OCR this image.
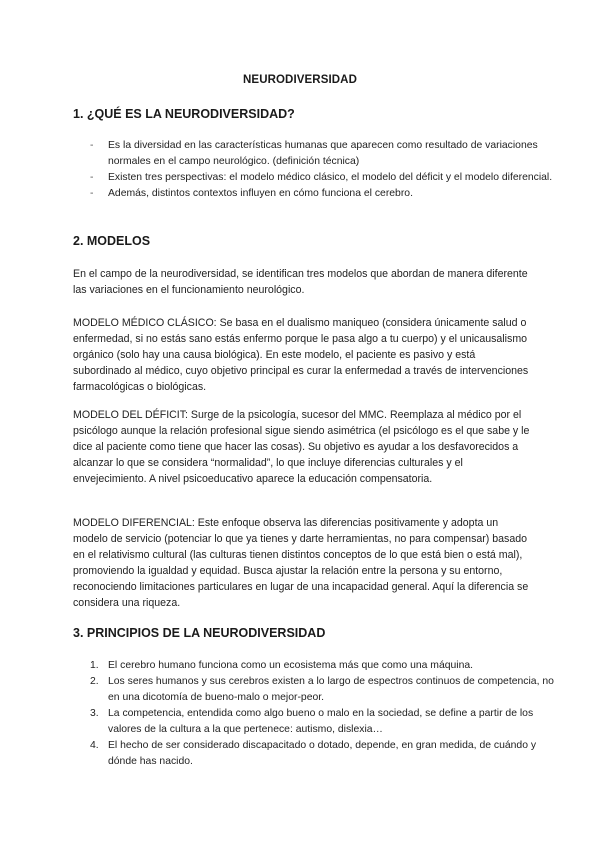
NEURODIVERSIDAD
1. ¿QUÉ ES LA NEURODIVERSIDAD?
- Es la diversidad en las características humanas que aparecen como resultado de variaciones normales en el campo neurológico. (definición técnica)
- Existen tres perspectivas: el modelo médico clásico, el modelo del déficit y el modelo diferencial.
- Además, distintos contextos influyen en cómo funciona el cerebro.
2. MODELOS
En el campo de la neurodiversidad, se identifican tres modelos que abordan de manera diferente las variaciones en el funcionamiento neurológico.
MODELO MÉDICO CLÁSICO: Se basa en el dualismo maniqueo (considera únicamente salud o enfermedad, si no estás sano estás enfermo porque le pasa algo a tu cuerpo) y el unicausalismo orgánico (solo hay una causa biológica). En este modelo, el paciente es pasivo y está subordinado al médico, cuyo objetivo principal es curar la enfermedad a través de intervenciones farmacológicas o biológicas.
MODELO DEL DÉFICIT: Surge de la psicología, sucesor del MMC. Reemplaza al médico por el psicólogo aunque la relación profesional sigue siendo asimétrica (el psicólogo es el que sabe y le dice al paciente como tiene que hacer las cosas). Su objetivo es ayudar a los desfavorecidos a alcanzar lo que se considera “normalidad”, lo que incluye diferencias culturales y el envejecimiento. A nivel psicoeducativo aparece la educación compensatoria.
MODELO DIFERENCIAL: Este enfoque observa las diferencias positivamente y adopta un modelo de servicio (potenciar lo que ya tienes y darte herramientas, no para compensar) basado en el relativismo cultural (las culturas tienen distintos conceptos de lo que está bien o está mal), promoviendo la igualdad y equidad. Busca ajustar la relación entre la persona y su entorno, reconociendo limitaciones particulares en lugar de una incapacidad general. Aquí la diferencia se considera una riqueza.
3. PRINCIPIOS DE LA NEURODIVERSIDAD
1. El cerebro humano funciona como un ecosistema más que como una máquina.
2. Los seres humanos y sus cerebros existen a lo largo de espectros continuos de competencia, no en una dicotomía de bueno-malo o mejor-peor.
3. La competencia, entendida como algo bueno o malo en la sociedad, se define a partir de los valores de la cultura a la que pertenece: autismo, dislexia…
4. El hecho de ser considerado discapacitado o dotado, depende, en gran medida, de cuándo y dónde has nacido.
